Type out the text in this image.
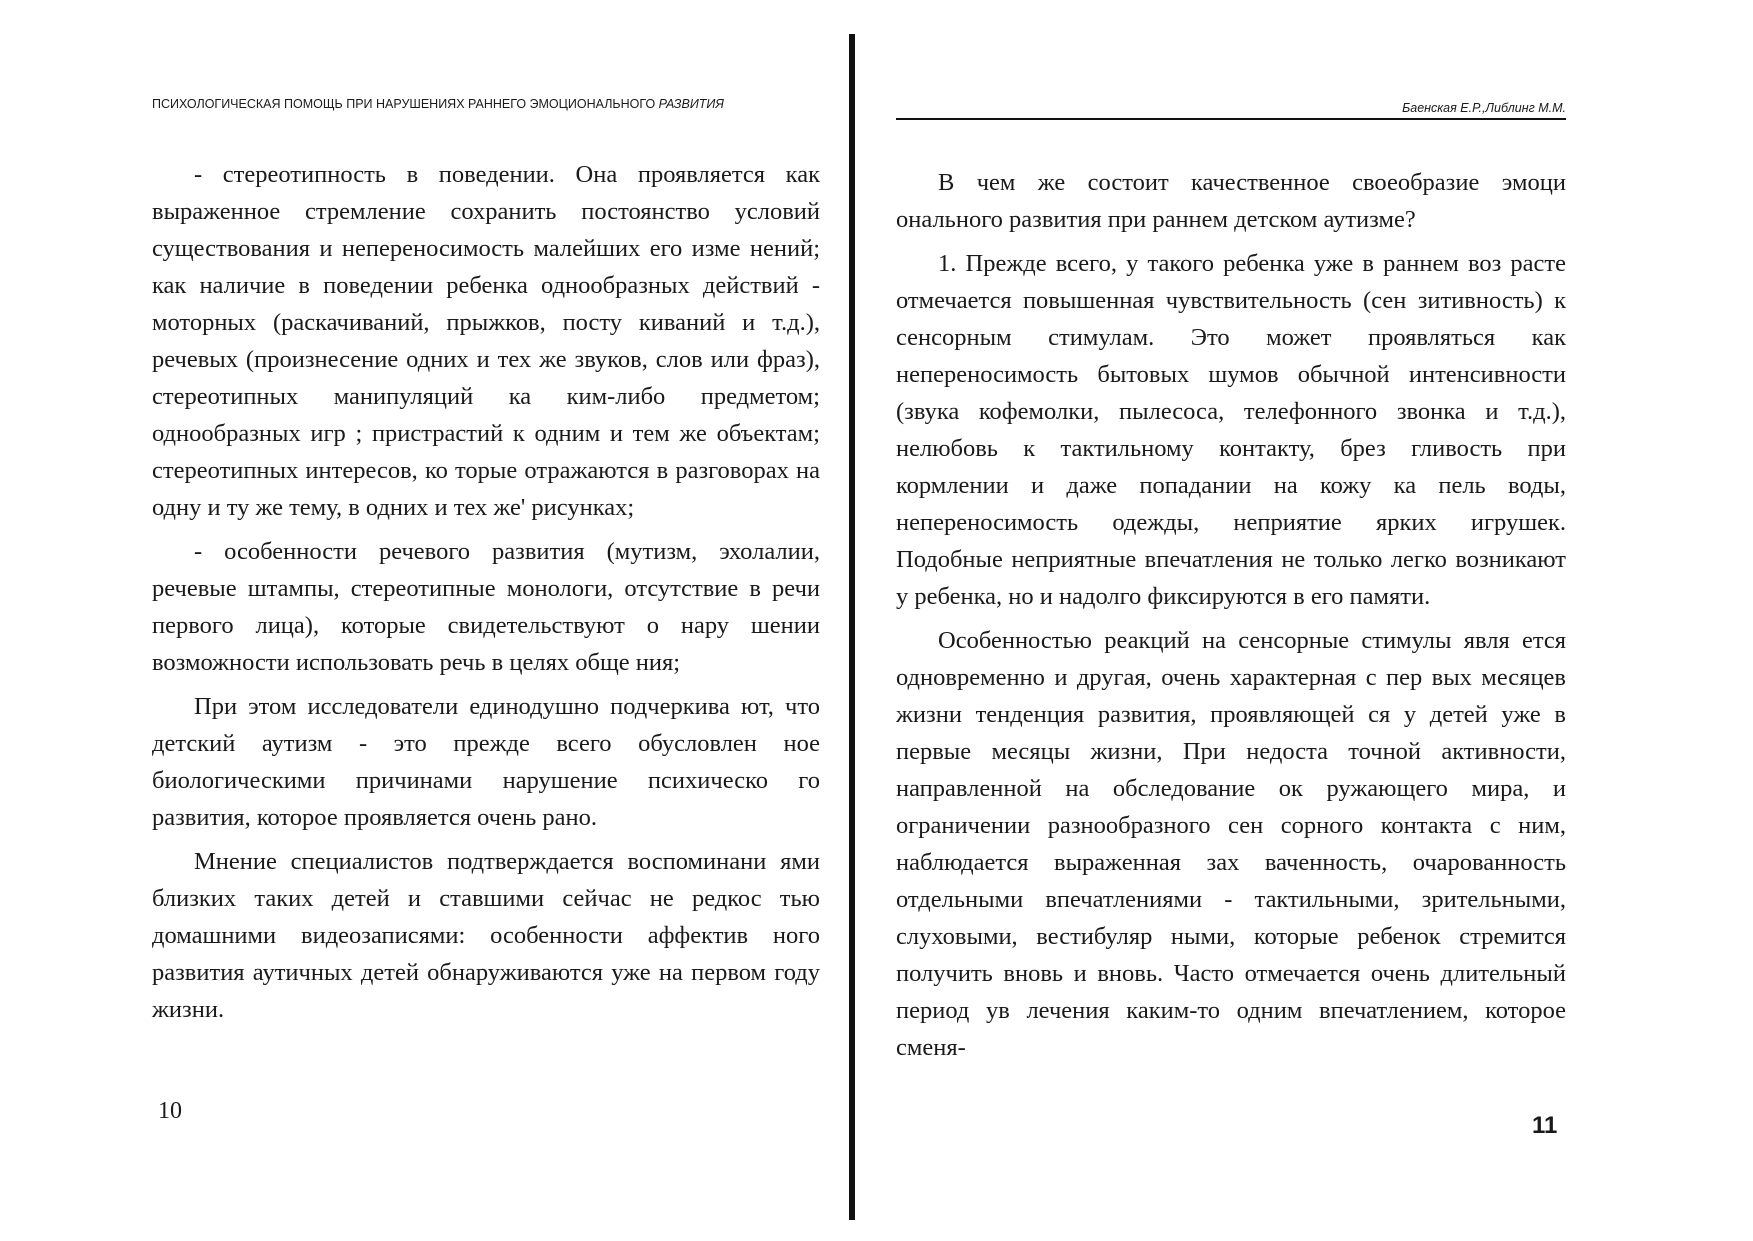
ПСИХОЛОГИЧЕСКАЯ ПОМОЩЬ ПРИ НАРУШЕНИЯХ РАННЕГО ЭМОЦИОНАЛЬНОГО РАЗВИТИЯ

- стереотипность в поведении. Она проявляется как выраженное стремление сохранить постоянство условий существования и непереносимость малейших его изме нений; как наличие в поведении ребенка однообразных действий - моторных (раскачиваний, прыжков, посту киваний и т.д.), речевых (произнесение одних и тех же звуков, слов или фраз), стереотипных манипуляций ка ким-либо предметом; однообразных игр ; пристрастий к одним и тем же объектам; стереотипных интересов, ко торые отражаются в разговорах на одну и ту же тему, в одних и тех же' рисунках;

- особенности речевого развития (мутизм, эхолалии, речевые штампы, стереотипные монологи, отсутствие в речи первого лица), которые свидетельствуют о нару шении возможности использовать речь в целях обще ния;

При этом исследователи единодушно подчеркива ют, что детский аутизм - это прежде всего обусловлен ное биологическими причинами нарушение психическо го развития, которое проявляется очень рано.

Мнение специалистов подтверждается воспоминани ями близких таких детей и ставшими сейчас не редкос тью домашними видеозаписями: особенности аффектив ного развития аутичных детей обнаруживаются уже на первом году жизни.

10
Баенская Е.Р.,Либлинг М.М.

В чем же состоит качественное своеобразие эмоци онального развития при раннем детском аутизме?

1. Прежде всего, у такого ребенка уже в раннем воз расте отмечается повышенная чувствительность (сен зитивность) к сенсорным стимулам. Это может проявляться как непереносимость бытовых шумов обычной интенсивности (звука кофемолки, пылесоса, телефонного звонка и т.д.), нелюбовь к тактильному контакту, брез гливость при кормлении и даже попадании на кожу ка пель воды, непереносимость одежды, неприятие ярких игрушек. Подобные неприятные впечатления не только легко возникают у ребенка, но и надолго фиксируются в его памяти.

Особенностью реакций на сенсорные стимулы явля ется одновременно и другая, очень характерная с пер вых месяцев жизни тенденция развития, проявляющей ся у детей уже в первые месяцы жизни, При недоста точной активности, направленной на обследование ок ружающего мира, и ограничении разнообразного сен сорного контакта с ним, наблюдается выраженная зах ваченность, очарованность отдельными впечатлениями - тактильными, зрительными, слуховыми, вестибуляр ными, которые ребенок стремится получить вновь и вновь. Часто отмечается очень длительный период ув лечения каким-то одним впечатлением, которое сменя-

11
